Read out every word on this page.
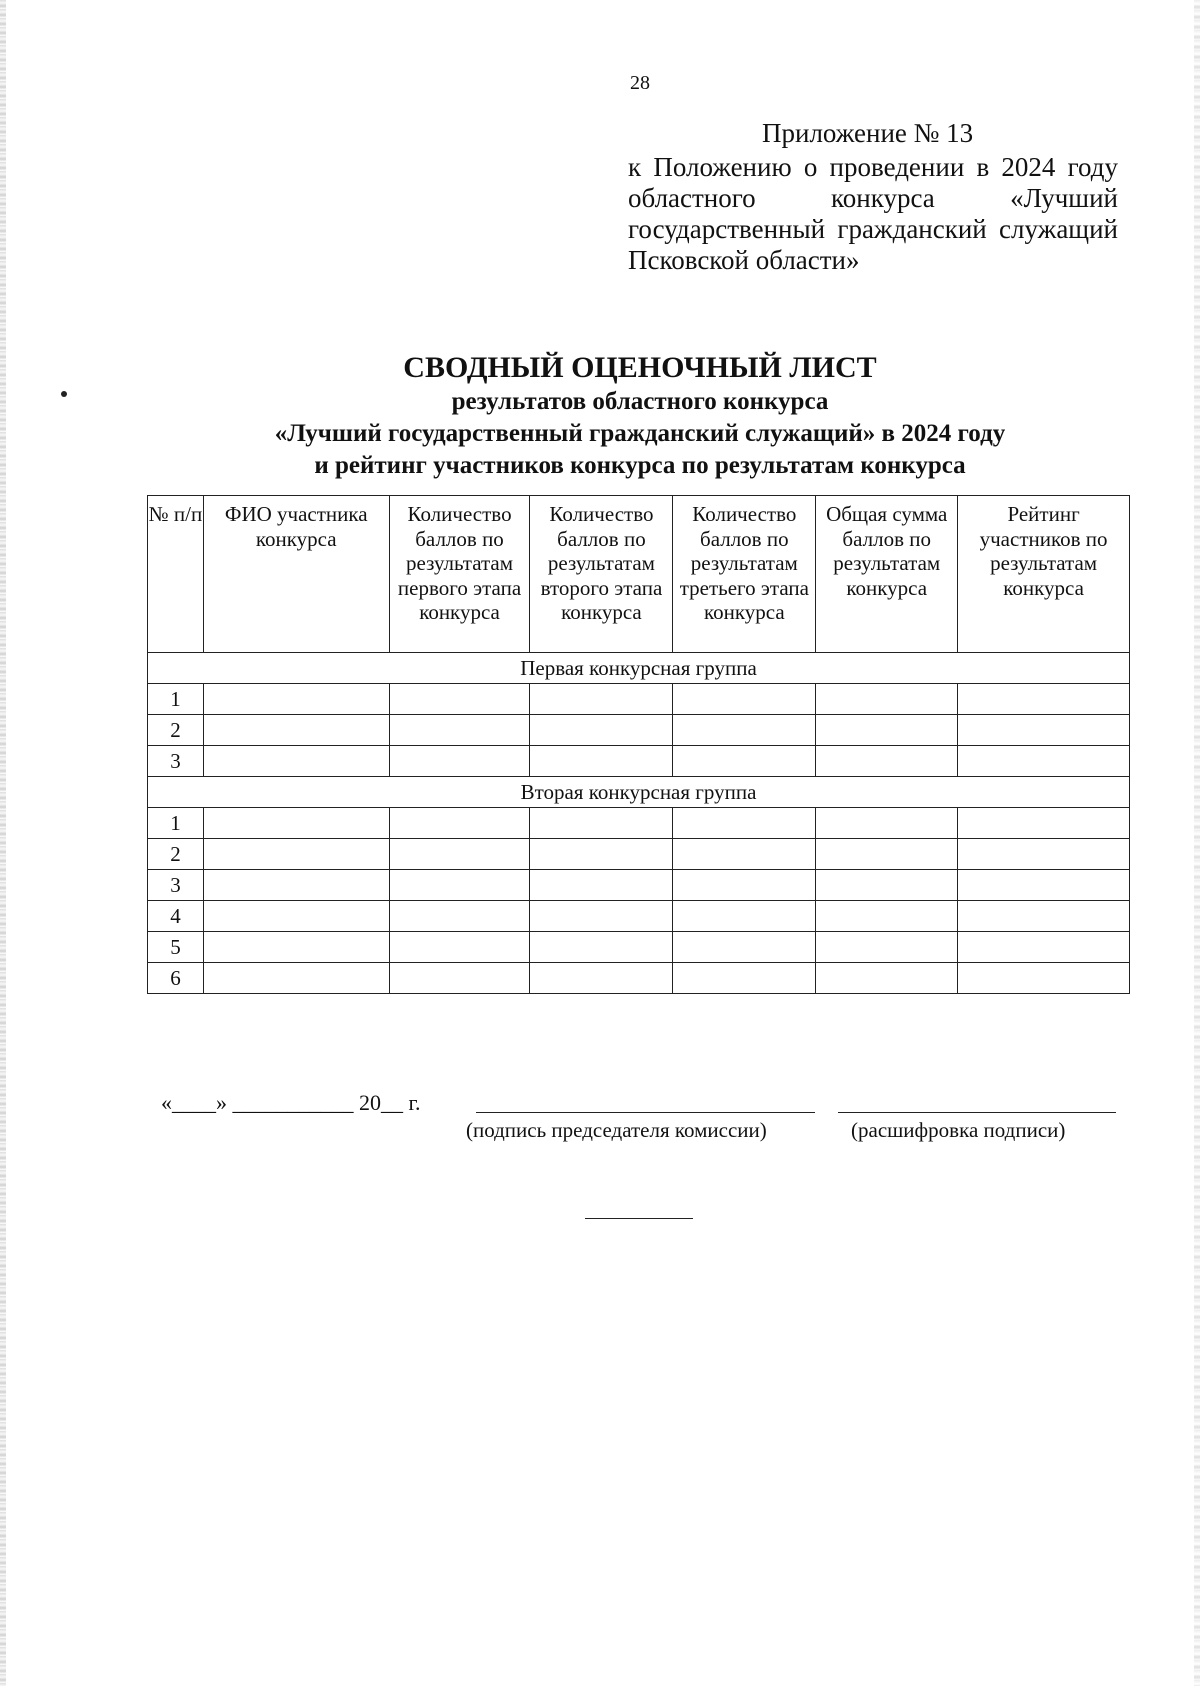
28
Приложение № 13
к Положению о проведении в 2024 году областного конкурса «Лучший государственный гражданский служащий Псковской области»
СВОДНЫЙ ОЦЕНОЧНЫЙ ЛИСТ
результатов областного конкурса
«Лучший государственный гражданский служащий» в 2024 году
и рейтинг участников конкурса по результатам конкурса
№ п/п	ФИО участника конкурса	Количество баллов по результатам первого этапа конкурса	Количество баллов по результатам второго этапа конкурса	Количество баллов по результатам третьего этапа конкурса	Общая сумма баллов по результатам конкурса	Рейтинг участников по результатам конкурса
Первая конкурсная группа						
1						
2						
3						
Вторая конкурсная группа						
1						
2						
3						
4						
5						
6						
«____» ___________ 20__ г.
(подпись председателя комиссии)	(расшифровка подписи)
